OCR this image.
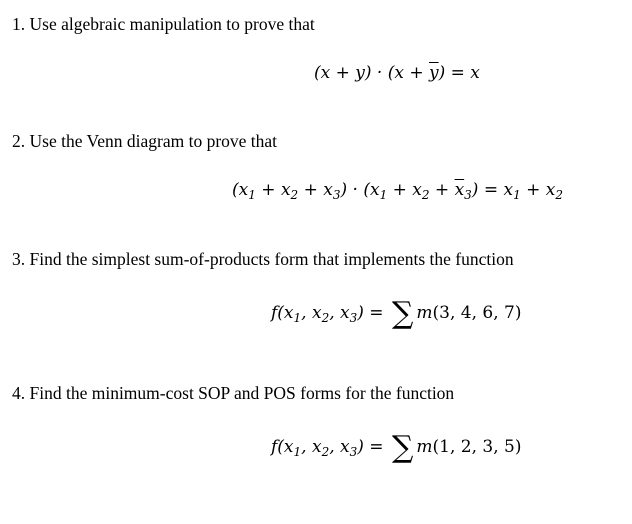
1. Use algebraic manipulation to prove that
$(x + y) \cdot (x + \overline{y}) = x$
2. Use the Venn diagram to prove that
$(x_1 + x_2 + x_3) \cdot (x_1 + x_2 + \overline{x}_3) = x_1 + x_2$
3. Find the simplest sum-of-products form that implements the function
$f(x_1$, $x_2$, $x_3$) = ∑ m(3, 4, 6, 7)
4. Find the minimum-cost SOP and POS forms for the function
$f(x_1$, $x_2$, $x_3$) = ∑ m(1, 2, 3, 5)
